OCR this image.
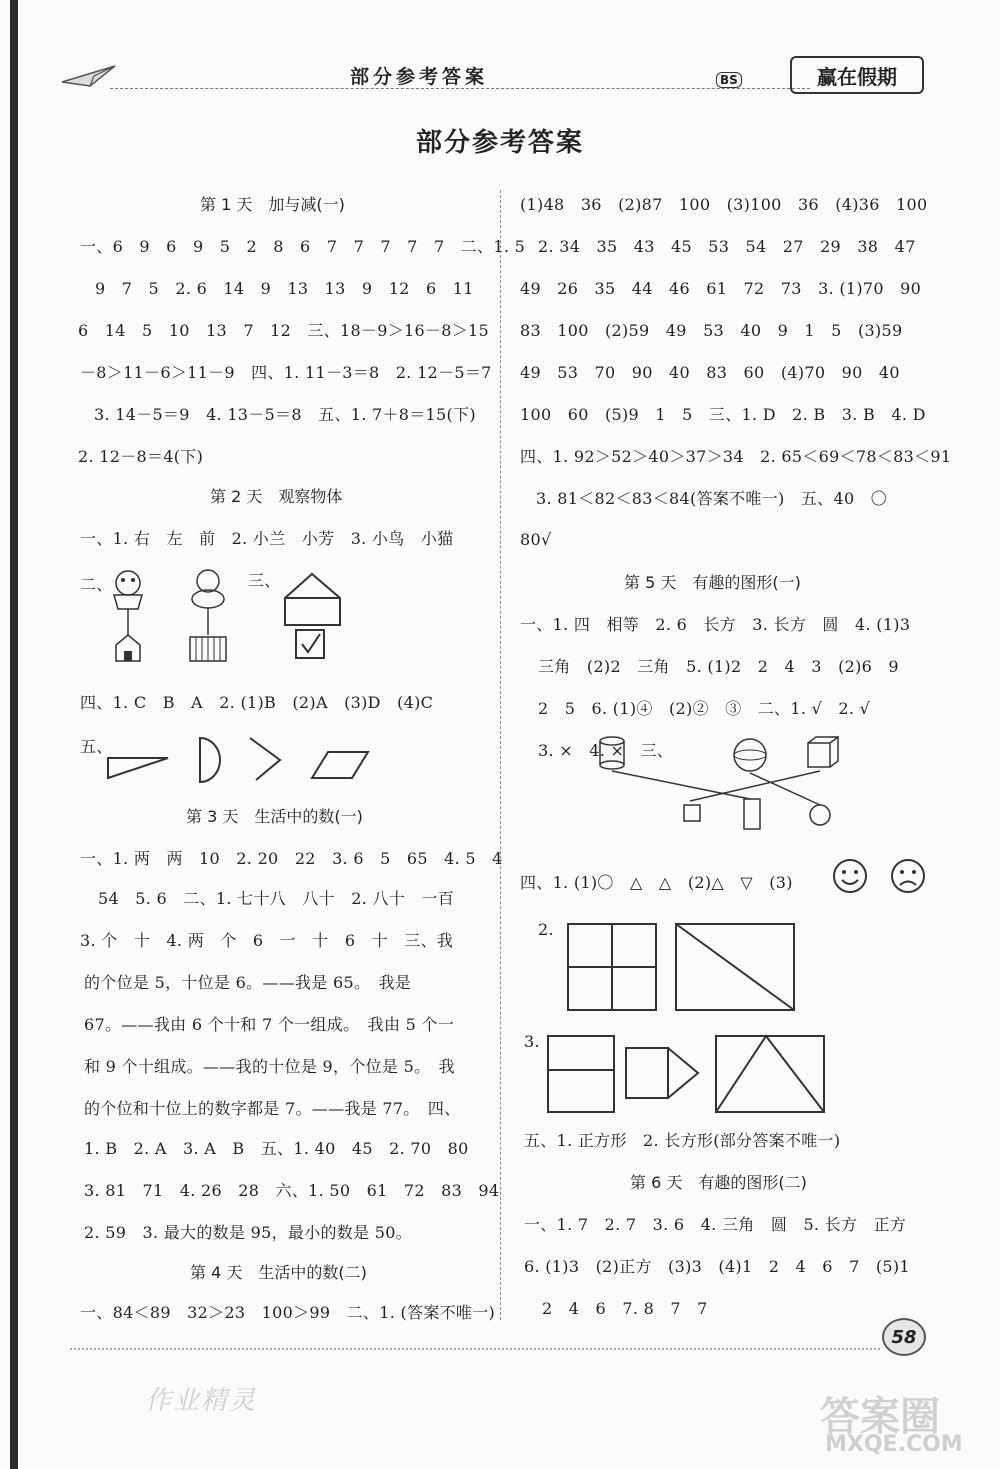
部分参考答案	BS	赢在假期
部分参考答案
第 1 天　加与减(一)
一、6　9　6　9　5　2　8　6　7　7　7　7　7　二、1. 5
9　7　5　2. 6　14　9　13　13　9　12　6　11
6　14　5　10　13　7　12　三、18－9＞16－8＞15
－8＞11－6＞11－9　四、1. 11－3＝8　2. 12－5＝7
3. 14－5＝9　4. 13－5＝8　五、1. 7＋8＝15(下)
2. 12－8＝4(下)
第 2 天　观察物体
一、1. 右　左　前　2. 小兰　小芳　3. 小鸟　小猫
二、	三、
四、1. C　B　A　2. (1)B　(2)A　(3)D　(4)C
五、
第 3 天　生活中的数(一)
一、1. 两　两　10　2. 20　22　3. 6　5　65　4. 5　4
54　5. 6　二、1. 七十八　八十　2. 八十　一百
3. 个　十　4. 两　个　6　一　十　6　十　三、我
的个位是 5，十位是 6。——我是 65。　我是
67。——我由 6 个十和 7 个一组成。　我由 5 个一
和 9 个十组成。——我的十位是 9，个位是 5。　我
的个位和十位上的数字都是 7。——我是 77。　四、
1. B　2. A　3. A　B　五、1. 40　45　2. 70　80
3. 81　71　4. 26　28　六、1. 50　61　72　83　94
2. 59　3. 最大的数是 95，最小的数是 50。
第 4 天　生活中的数(二)
一、84＜89　32＞23　100＞99　二、1. (答案不唯一)
(1)48　36　(2)87　100　(3)100　36　(4)36　100
2. 34　35　43　45　53　54　27　29　38　47
49　26　35　44　46　61　72　73　3. (1)70　90
83　100　(2)59　49　53　40　9　1　5　(3)59
49　53　70　90　40　83　60　(4)70　90　40
100　60　(5)9　1　5　三、1. D　2. B　3. B　4. D
四、1. 92＞52＞40＞37＞34　2. 65＜69＜78＜83＜91
3. 81＜82＜83＜84(答案不唯一)　五、40　〇
80√
第 5 天　有趣的图形(一)
一、1. 四　相等　2. 6　长方　3. 长方　圆　4. (1)3
三角　(2)2　三角　5. (1)2　2　4　3　(2)6　9
2　5　6. (1)④　(2)②　③　二、1. √　2. √
3. ×　4. ×　三、
四、1. (1)〇　△　△　(2)△　▽　(3)
2.
3.
五、1. 正方形　2. 长方形(部分答案不唯一)
第 6 天　有趣的图形(二)
一、1. 7　2. 7　3. 6　4. 三角　圆　5. 长方　正方
6. (1)3　(2)正方　(3)3　(4)1　2　4　6　7　(5)1
2　4　6　7. 8　7　7
58
作业精灵	答案圈
MXQE.COM
